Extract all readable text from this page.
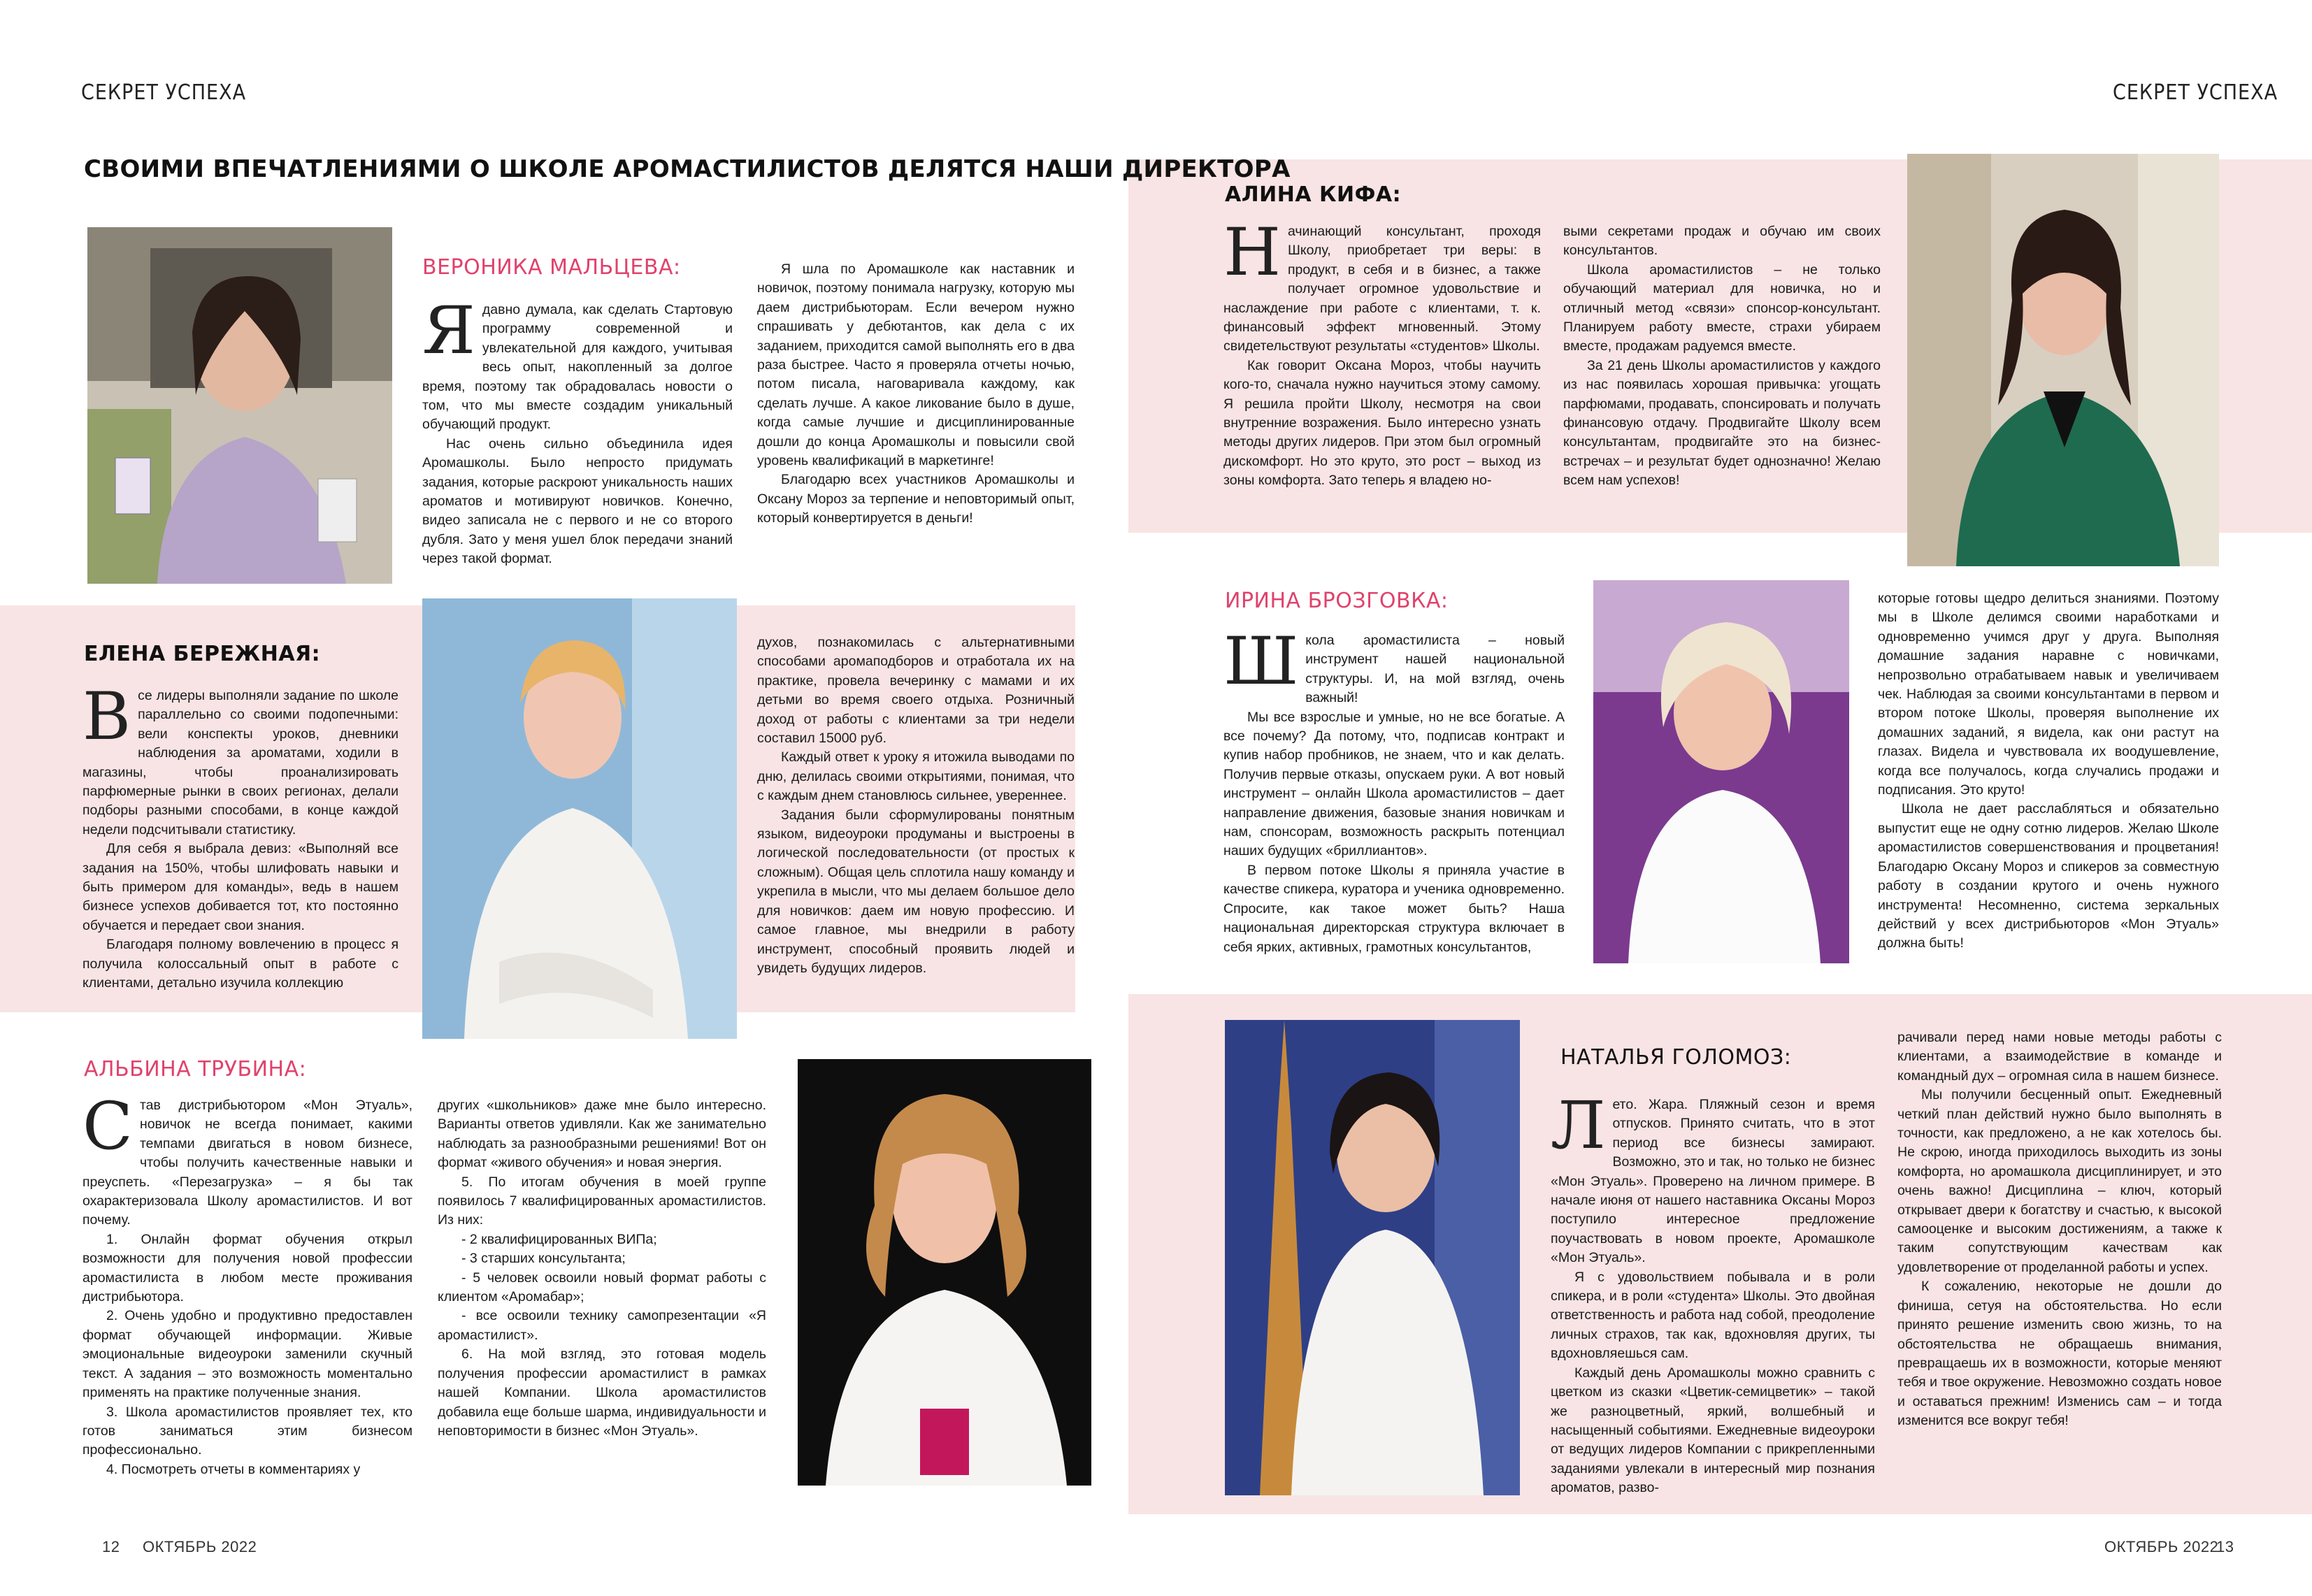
СЕКРЕТ УСПЕХА	СЕКРЕТ УСПЕХА
СВОИМИ ВПЕЧАТЛЕНИЯМИ О ШКОЛЕ АРОМАСТИЛИСТОВ ДЕЛЯТСЯ НАШИ ДИРЕКТОРА
ВЕРОНИКА МАЛЬЦЕВА:
Я давно думала, как сделать Стартовую программу современной и увлекательной для каждого, учитывая весь опыт, накопленный за долгое время, поэтому так обрадовалась новости о том, что мы вместе создадим уникальный обучающий продукт.

Нас очень сильно объединила идея Аромашколы. Было непросто придумать задания, которые раскроют уникальность наших ароматов и мотивируют новичков. Конечно, видео записала не с первого и не со второго дубля. Зато у меня ушел блок передачи знаний через такой формат.

Я шла по Аромашколе как наставник и новичок, поэтому понимала нагрузку, которую мы даем дистрибьюторам. Если вечером нужно спрашивать у дебютантов, как дела с их заданием, приходится самой выполнять его в два раза быстрее. Часто я проверяла отчеты ночью, потом писала, наговаривала каждому, как сделать лучше. А какое ликование было в душе, когда самые лучшие и дисциплинированные дошли до конца Аромашколы и повысили свой уровень квалификаций в маркетинге!

Благодарю всех участников Аромашколы и Оксану Мороз за терпение и неповторимый опыт, который конвертируется в деньги!

ЕЛЕНА БЕРЕЖНАЯ:
В се лидеры выполняли задание по школе параллельно со своими подопечными: вели конспекты уроков, дневники наблюдения за ароматами, ходили в магазины, чтобы проанализировать парфюмерные рынки в своих регионах, делали подборы разными способами, в конце каждой недели подсчитывали статистику.

Для себя я выбрала девиз: «Выполняй все задания на 150%, чтобы шлифовать навыки и быть примером для команды», ведь в нашем бизнесе успехов добивается тот, кто постоянно обучается и передает свои знания.

Благодаря полному вовлечению в процесс я получила колоссальный опыт в работе с клиентами, детально изучила коллекцию

духов, познакомилась с альтернативными способами аромаподборов и отработала их на практике, провела вечеринку с мамами и их детьми во время своего отдыха. Розничный доход от работы с клиентами за три недели составил 15000 руб.

Каждый ответ к уроку я итожила выводами по дню, делилась своими открытиями, понимая, что с каждым днем становлюсь сильнее, увереннее.

Задания были сформулированы понятным языком, видеоуроки продуманы и выстроены в логической последовательности (от простых к сложным). Общая цель сплотила нашу команду и укрепила в мысли, что мы делаем большое дело для новичков: даем им новую профессию. И самое главное, мы внедрили в работу инструмент, способный проявить людей и увидеть будущих лидеров.

АЛЬБИНА ТРУБИНА:
С тав дистрибьютором «Мон Этуаль», новичок не всегда понимает, какими темпами двигаться в новом бизнесе, чтобы получить качественные навыки и преуспеть. «Перезагрузка» – я бы так охарактеризовала Школу аромастилистов. И вот почему.

1. Онлайн формат обучения открыл возможности для получения новой профессии аромастилиста в любом месте проживания дистрибьютора.

2. Очень удобно и продуктивно предоставлен формат обучающей информации. Живые эмоциональные видеоуроки заменили скучный текст. А задания – это возможность моментально применять на практике полученные знания.

3. Школа аромастилистов проявляет тех, кто готов заниматься этим бизнесом профессионально.

4. Посмотреть отчеты в комментариях у

других «школьников» даже мне было интересно. Варианты ответов удивляли. Как же занимательно наблюдать за разнообразными решениями! Вот он формат «живого обучения» и новая энергия.

5. По итогам обучения в моей группе появилось 7 квалифицированных аромастилистов. Из них:

- 2 квалифицированных ВИПа;

- 3 старших консультанта;

- 5 человек освоили новый формат работы с клиентом «Аромабар»;

- все освоили технику самопрезентации «Я аромастилист».

6. На мой взгляд, это готовая модель получения профессии аромастилист в рамках нашей Компании. Школа аромастилистов добавила еще больше шарма, индивидуальности и неповторимости в бизнес «Мон Этуаль».

АЛИНА КИФА:
Н ачинающий консультант, проходя Школу, приобретает три веры: в продукт, в себя и в бизнес, а также получает огромное удовольствие и наслаждение при работе с клиентами, т. к. финансовый эффект мгновенный. Этому свидетельствуют результаты «студентов» Школы.

Как говорит Оксана Мороз, чтобы научить кого-то, сначала нужно научиться этому самому. Я решила пройти Школу, несмотря на свои внутренние возражения. Было интересно узнать методы других лидеров. При этом был огромный дискомфорт. Но это круто, это рост – выход из зоны комфорта. Зато теперь я владею но-

выми секретами продаж и обучаю им своих консультантов.

Школа аромастилистов – не только обучающий материал для новичка, но и отличный метод «связи» спонсор-консультант. Планируем работу вместе, страхи убираем вместе, продажам радуемся вместе.

За 21 день Школы аромастилистов у каждого из нас появилась хорошая привычка: угощать парфюмами, продавать, спонсировать и получать финансовую отдачу. Продвигайте Школу всем консультантам, продвигайте это на бизнес-встречах – и результат будет однозначно! Желаю всем нам успехов!

ИРИНА БРОЗГОВКА:
Ш кола аромастилиста – новый инструмент нашей национальной структуры. И, на мой взгляд, очень важный!

Мы все взрослые и умные, но не все богатые. А все почему? Да потому, что, подписав контракт и купив набор пробников, не знаем, что и как делать. Получив первые отказы, опускаем руки. А вот новый инструмент – онлайн Школа аромастилистов – дает направление движения, базовые знания новичкам и нам, спонсорам, возможность раскрыть потенциал наших будущих «бриллиантов».

В первом потоке Школы я приняла участие в качестве спикера, куратора и ученика одновременно. Спросите, как такое может быть? Наша национальная директорская структура включает в себя ярких, активных, грамотных консультантов,

которые готовы щедро делиться знаниями. Поэтому мы в Школе делимся своими наработками и одновременно учимся друг у друга. Выполняя домашние задания наравне с новичками, непрозвольно отрабатываем навык и увеличиваем чек. Наблюдая за своими консультантами в первом и втором потоке Школы, проверяя выполнение их домашних заданий, я видела, как они растут на глазах. Видела и чувствовала их воодушевление, когда все получалось, когда случались продажи и подписания. Это круто!

Школа не дает расслабляться и обязательно выпустит еще не одну сотню лидеров. Желаю Школе аромастилистов совершенствования и процветания! Благодарю Оксану Мороз и спикеров за совместную работу в создании крутого и очень нужного инструмента! Несомненно, система зеркальных действий у всех дистрибьюторов «Мон Этуаль» должна быть!

НАТАЛЬЯ ГОЛОМОЗ:
Л ето. Жара. Пляжный сезон и время отпусков. Принято считать, что в этот период все бизнесы замирают. Возможно, это и так, но только не бизнес «Мон Этуаль». Проверено на личном примере. В начале июня от нашего наставника Оксаны Мороз поступило интересное предложение поучаствовать в новом проекте, Аромашколе «Мон Этуаль».

Я с удовольствием побывала и в роли спикера, и в роли «студента» Школы. Это двойная ответственность и работа над собой, преодоление личных страхов, так как, вдохновляя других, ты вдохновляешься сам.

Каждый день Аромашколы можно сравнить с цветком из сказки «Цветик-семицветик» – такой же разноцветный, яркий, волшебный и насыщенный событиями. Ежедневные видеоуроки от ведущих лидеров Компании с прикрепленными заданиями увлекали в интересный мир познания ароматов, разво-

рачивали перед нами новые методы работы с клиентами, а взаимодействие в команде и командный дух – огромная сила в нашем бизнесе.

Мы получили бесценный опыт. Ежедневный четкий план действий нужно было выполнять в точности, как предложено, а не как хотелось бы. Не скрою, иногда приходилось выходить из зоны комфорта, но аромашкола дисциплинирует, и это очень важно! Дисциплина – ключ, который открывает двери к богатству и счастью, к высокой самооценке и высоким достижениям, а также к таким сопутствующим качествам как удовлетворение от проделанной работы и успех.

К сожалению, некоторые не дошли до финиша, сетуя на обстоятельства. Но если принято решение изменить свою жизнь, то на обстоятельства не обращаешь внимания, превращаешь их в возможности, которые меняют тебя и твое окружение. Невозможно создать новое и оставаться прежним! Изменись сам – и тогда изменится все вокруг тебя!

12 ОКТЯБРЬ 2022	ОКТЯБРЬ 2022
13
